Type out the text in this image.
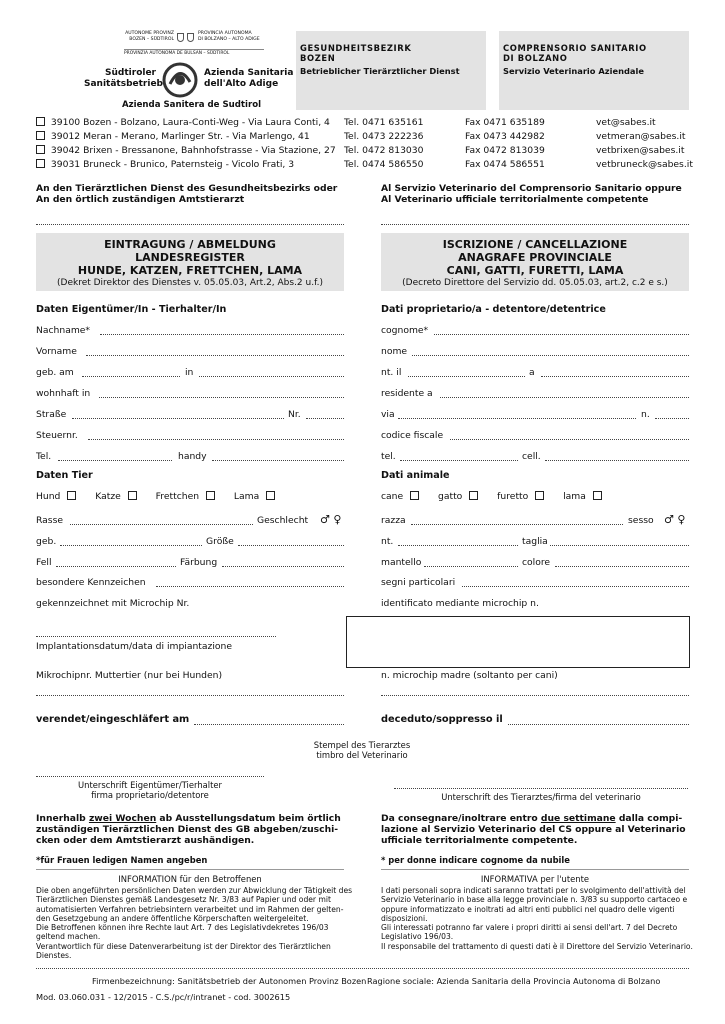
AUTONOME PROVINZ
BOZEN – SÜDTIROL
PROVINCIA AUTONOMA
DI BOLZANO – ALTO ADIGE
PROVINZIA AUTONOMA DE BULSAN – SÜDTIROL
Südtiroler
Sanitätsbetrieb
Azienda Sanitaria
dell'Alto Adige
Azienda Sanitera de Sudtirol
GESUNDHEITSBEZIRK
BOZEN
Betrieblicher Tierärztlicher Dienst
COMPRENSORIO SANITARIO
DI BOLZANO
Servizio Veterinario Aziendale
39100 Bozen - Bolzano, Laura-Conti-Weg - Via Laura Conti, 4 Tel. 0471 635161	Fax 0471 635189	vet@sabes.it
39012 Meran - Merano, Marlinger Str. - Via Marlengo, 41	Tel. 0473 222236	Fax 0473 442982	vetmeran@sabes.it
39042 Brixen - Bressanone, Bahnhofstrasse - Via Stazione, 27 Tel. 0472 813030	Fax 0472 813039	vetbrixen@sabes.it
39031 Bruneck - Brunico, Paternsteig - Vicolo Frati, 3	Tel. 0474 586550	Fax 0474 586551	vetbruneck@sabes.it
An den Tierärztlichen Dienst des Gesundheitsbezirks oder
An den örtlich zuständigen Amtstierarzt
Al Servizio Veterinario del Comprensorio Sanitario oppure
Al Veterinario ufficiale territorialmente competente
EINTRAGUNG / ABMELDUNG
LANDESREGISTER
HUNDE, KATZEN, FRETTCHEN, LAMA
(Dekret Direktor des Dienstes v. 05.05.03, Art.2, Abs.2 u.f.)
ISCRIZIONE / CANCELLAZIONE
ANAGRAFE PROVINCIALE
CANI, GATTI, FURETTI, LAMA
(Decreto Direttore del Servizio dd. 05.05.03, art.2, c.2 e s.)
Daten Eigentümer/In - Tierhalter/In	Dati proprietario/a - detentore/detentrice
Nachname*	cognome*
Vorname	nome
geb. am	in	nt. il	a
wohnhaft in	residente a
Straße	Nr.	via	n.
Steuernr.	codice fiscale
Tel.	handy	tel.	cell.
Daten Tier	Dati animale
Hund	Katze	Frettchen	Lama	cane	gatto	furetto	lama
Rasse	Geschlecht ♂ ♀	razza	sesso ♂ ♀
geb.	Größe	nt.	taglia
Fell	Färbung	mantello	colore
besondere Kennzeichen	segni particolari
gekennzeichnet mit Microchip Nr.	identificato mediante microchip n.
Implantationsdatum/data di impiantazione
Mikrochipnr. Muttertier (nur bei Hunden)	n. microchip madre (soltanto per cani)
verendet/eingeschläfert am	deceduto/soppresso il
Stempel des Tierarztes
timbro del Veterinario
Unterschrift Eigentümer/Tierhalter
firma proprietario/detentore	Unterschrift des Tierarztes/firma del veterinario
Innerhalb zwei Wochen ab Ausstellungsdatum beim örtlich
zuständigen Tierärztlichen Dienst des GB abgeben/zuschi-
cken oder dem Amtstierarzt aushändigen.
Da consegnare/inoltrare entro due settimane dalla compi-
lazione al Servizio Veterinario del CS oppure al Veterinario
ufficiale territorialmente competente.
*für Frauen ledigen Namen angeben	* per donne indicare cognome da nubile
INFORMATION für den Betroffenen	INFORMATIVA per l'utente
Die oben angeführten persönlichen Daten werden zur Abwicklung der Tätigkeit des
Tierärztlichen Dienstes gemäß Landesgesetz Nr. 3/83 auf Papier und oder mit
automatisierten Verfahren betriebsintern verarbeitet und im Rahmen der gelten-
den Gesetzgebung an andere öffentliche Körperschaften weitergeleitet.
Die Betroffenen können ihre Rechte laut Art. 7 des Legislativdekretes 196/03
geltend machen.
Verantwortlich für diese Datenverarbeitung ist der Direktor des Tierärztlichen
Dienstes.
I dati personali sopra indicati saranno trattati per lo svolgimento dell'attività del
Servizio Veterinario in base alla legge provinciale n. 3/83 su supporto cartaceo e
oppure informatizzato e inoltrati ad altri enti pubblici nel quadro delle vigenti
disposizioni.
Gli interessati potranno far valere i propri diritti ai sensi dell'art. 7 del Decreto
Legislativo 196/03.
Il responsabile del trattamento di questi dati è il Direttore del Servizio Veterinario.
Firmenbezeichnung: Sanitätsbetrieb der Autonomen Provinz Bozen Ragione sociale: Azienda Sanitaria della Provincia Autonoma di Bolzano
Mod. 03.060.031 - 12/2015 - C.S./pc/r/intranet - cod. 3002615
